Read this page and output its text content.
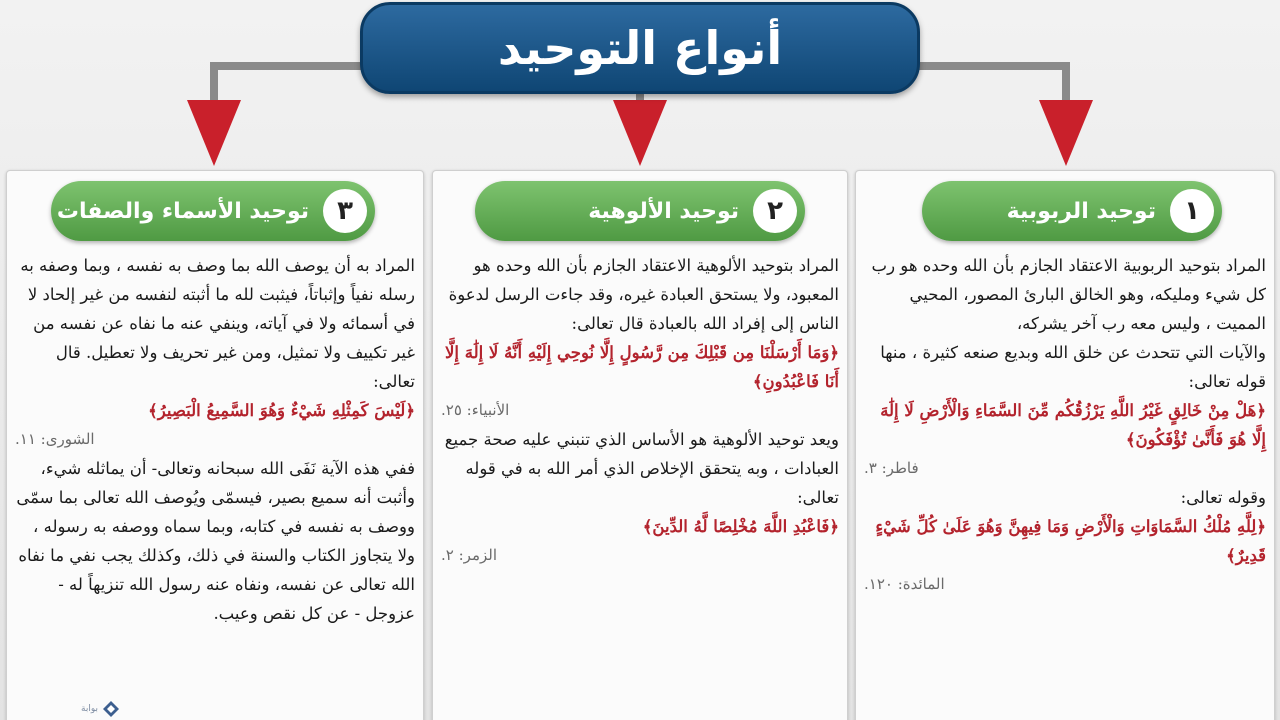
أنواع التوحيد
١
توحيد الربوبية

المراد بتوحيد الربوبية الاعتقاد الجازم بأن الله وحده هو رب كل شيء ومليكه، وهو الخالق البارئ المصور، المحيي المميت ، وليس معه رب آخر يشركه،

والآيات التي تتحدث عن خلق الله وبديع صنعه كثيرة ، منها قوله تعالى:

﴿هَلْ مِنْ خَالِقٍ غَيْرُ اللَّهِ يَرْزُقُكُم مِّنَ السَّمَاءِ وَالْأَرْضِ لَا إِلَٰهَ إِلَّا هُوَ فَأَنَّىٰ تُؤْفَكُونَ﴾

فاطر: ٣.

وقوله تعالى:

﴿لِلَّهِ مُلْكُ السَّمَاوَاتِ وَالْأَرْضِ وَمَا فِيهِنَّ وَهُوَ عَلَىٰ كُلِّ شَيْءٍ قَدِيرٌ﴾

المائدة: ١٢٠.

٢
توحيد الألوهية

المراد بتوحيد الألوهية الاعتقاد الجازم بأن الله وحده هو المعبود، ولا يستحق العبادة غيره، وقد جاءت الرسل لدعوة الناس إلى إفراد الله بالعبادة قال تعالى:

﴿وَمَا أَرْسَلْنَا مِن قَبْلِكَ مِن رَّسُولٍ إِلَّا نُوحِي إِلَيْهِ أَنَّهُ لَا إِلَٰهَ إِلَّا أَنَا فَاعْبُدُونِ﴾

الأنبياء: ٢٥.

ويعد توحيد الألوهية هو الأساس الذي تنبني عليه صحة جميع العبادات ، وبه يتحقق الإخلاص الذي أمر الله به في قوله تعالى:

﴿فَاعْبُدِ اللَّهَ مُخْلِصًا لَّهُ الدِّينَ﴾

الزمر: ٢.

٣
توحيد الأسماء والصفات

المراد به أن يوصف الله بما وصف به نفسه ، وبما وصفه به رسله نفياً وإثباتاً، فيثبت لله ما أثبته لنفسه من غير إلحاد لا في أسمائه ولا في آياته، وينفي عنه ما نفاه عن نفسه من غير تكييف ولا تمثيل، ومن غير تحريف ولا تعطيل. قال تعالى:

﴿لَيْسَ كَمِثْلِهِ شَيْءٌ وَهُوَ السَّمِيعُ الْبَصِيرُ﴾

الشورى: ١١.

ففي هذه الآية نَفَى الله سبحانه وتعالى- أن يماثله شيء، وأثبت أنه سميع بصير، فيسمّى ويُوصف الله تعالى بما سمّى ووصف به نفسه في كتابه، وبما سماه ووصفه به رسوله ، ولا يتجاوز الكتاب والسنة في ذلك، وكذلك يجب نفي ما نفاه الله تعالى عن نفسه، ونفاه عنه رسول الله تنزيهاً له - عزوجل - عن كل نقص وعيب.

بوابة
